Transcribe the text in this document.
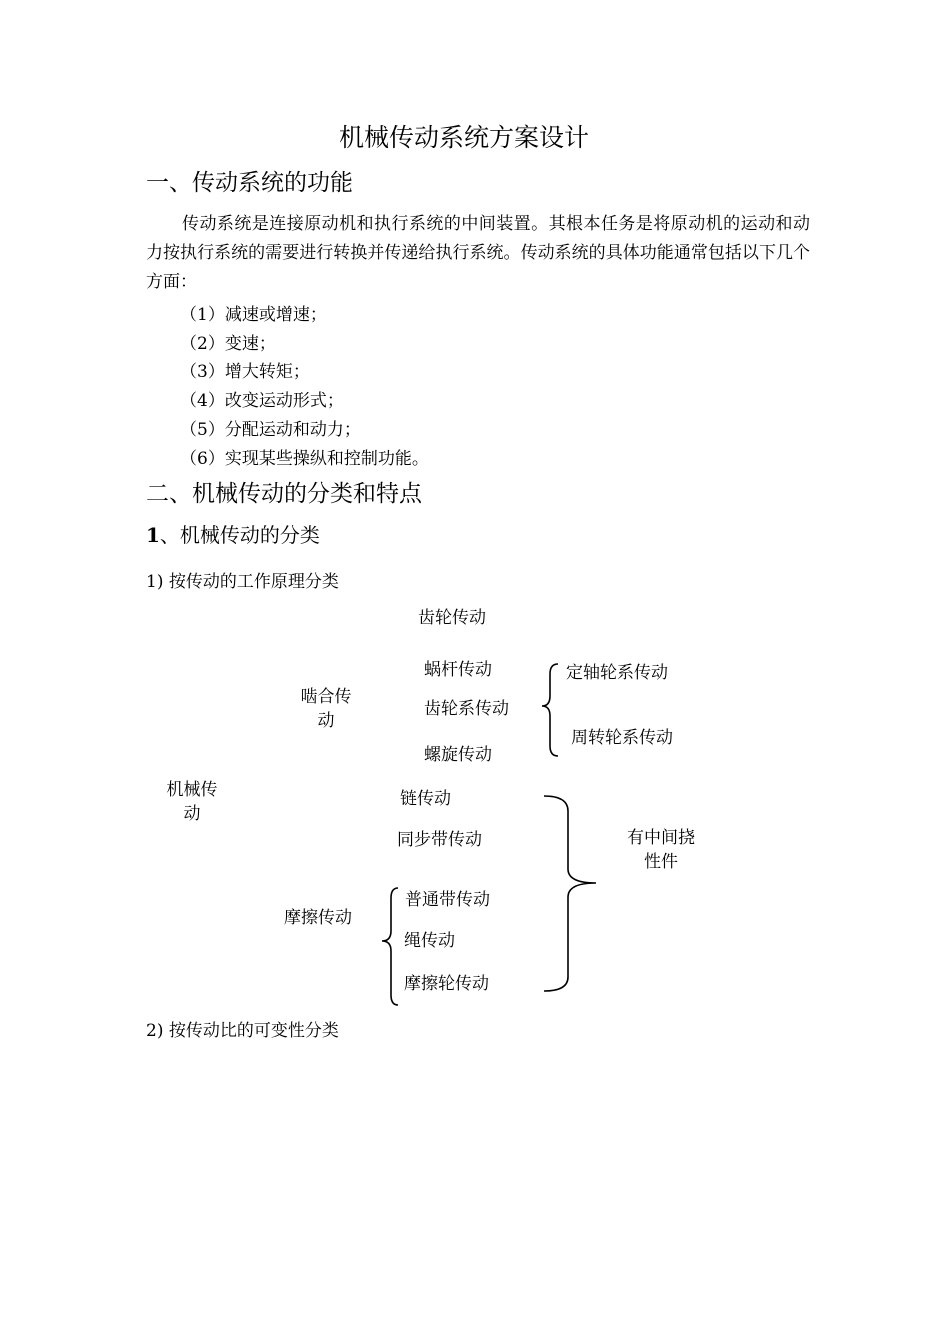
机械传动系统方案设计
一、传动系统的功能
传动系统是连接原动机和执行系统的中间装置。其根本任务是将原动机的运动和动力按执行系统的需要进行转换并传递给执行系统。传动系统的具体功能通常包括以下几个方面：
（1）减速或增速；
（2）变速；
（3）增大转矩；
（4）改变运动形式；
（5）分配运动和动力；
（6）实现某些操纵和控制功能。
二、机械传动的分类和特点
1、机械传动的分类
1) 按传动的工作原理分类
机械传动
啮合传动
齿轮传动
蜗杆传动
齿轮系传动
螺旋传动
定轴轮系传动
周转轮系传动
链传动
同步带传动
摩擦传动
普通带传动
绳传动
摩擦轮传动
有中间挠性件
2) 按传动比的可变性分类
